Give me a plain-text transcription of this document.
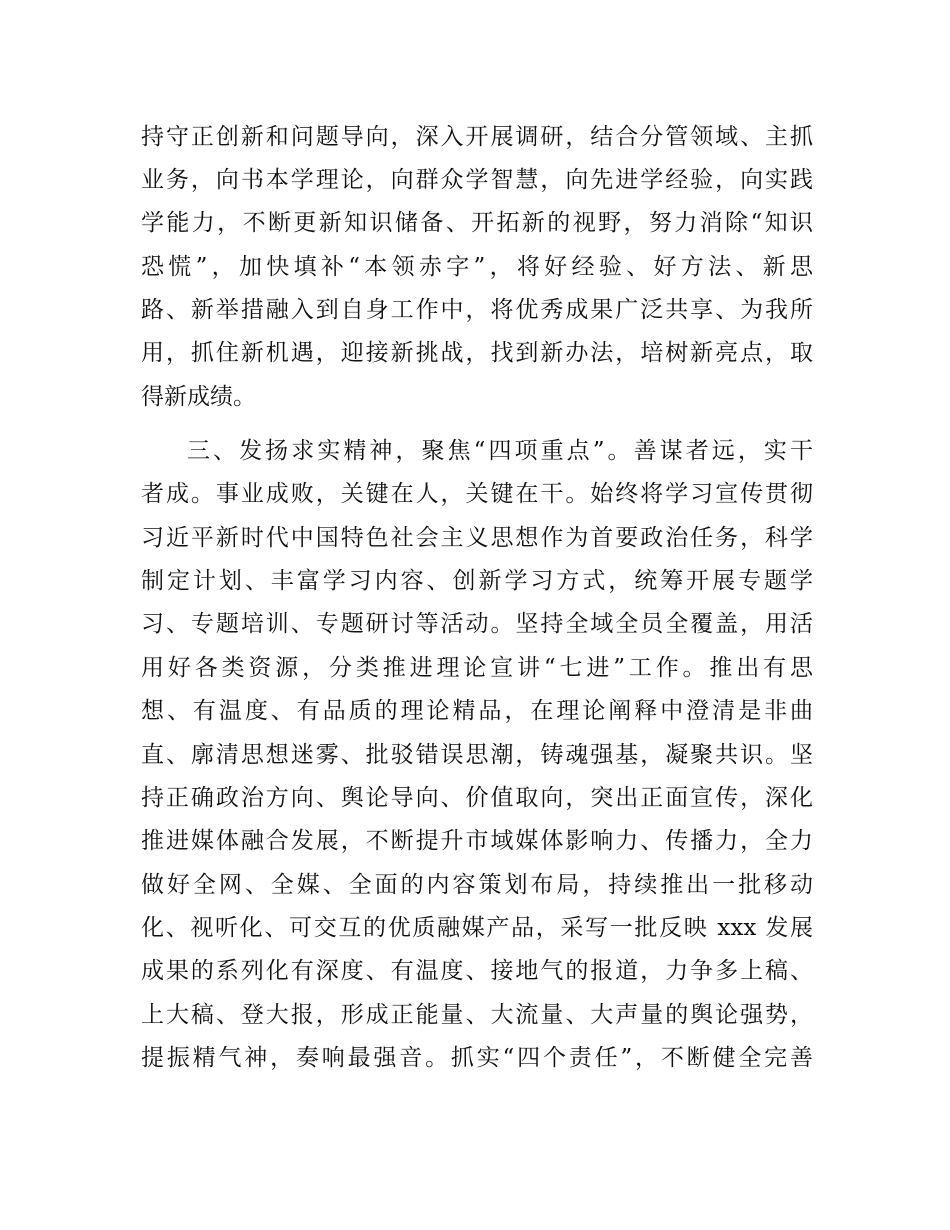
持守正创新和问题导向，深入开展调研，结合分管领域、主抓
业务，向书本学理论，向群众学智慧，向先进学经验，向实践
学能力，不断更新知识储备、开拓新的视野，努力消除“知识
恐慌”，加快填补“本领赤字”，将好经验、好方法、新思
路、新举措融入到自身工作中，将优秀成果广泛共享、为我所
用，抓住新机遇，迎接新挑战，找到新办法，培树新亮点，取
得新成绩。
三、发扬求实精神，聚焦“四项重点”。善谋者远，实干
者成。事业成败，关键在人，关键在干。始终将学习宣传贯彻
习近平新时代中国特色社会主义思想作为首要政治任务，科学
制定计划、丰富学习内容、创新学习方式，统筹开展专题学
习、专题培训、专题研讨等活动。坚持全域全员全覆盖，用活
用好各类资源，分类推进理论宣讲“七进”工作。推出有思
想、有温度、有品质的理论精品，在理论阐释中澄清是非曲
直、廓清思想迷雾、批驳错误思潮，铸魂强基，凝聚共识。坚
持正确政治方向、舆论导向、价值取向，突出正面宣传，深化
推进媒体融合发展，不断提升市域媒体影响力、传播力，全力
做好全网、全媒、全面的内容策划布局，持续推出一批移动
化、视听化、可交互的优质融媒产品，采写一批反映 xxx 发展
成果的系列化有深度、有温度、接地气的报道，力争多上稿、
上大稿、登大报，形成正能量、大流量、大声量的舆论强势，
提振精气神，奏响最强音。抓实“四个责任”，不断健全完善
